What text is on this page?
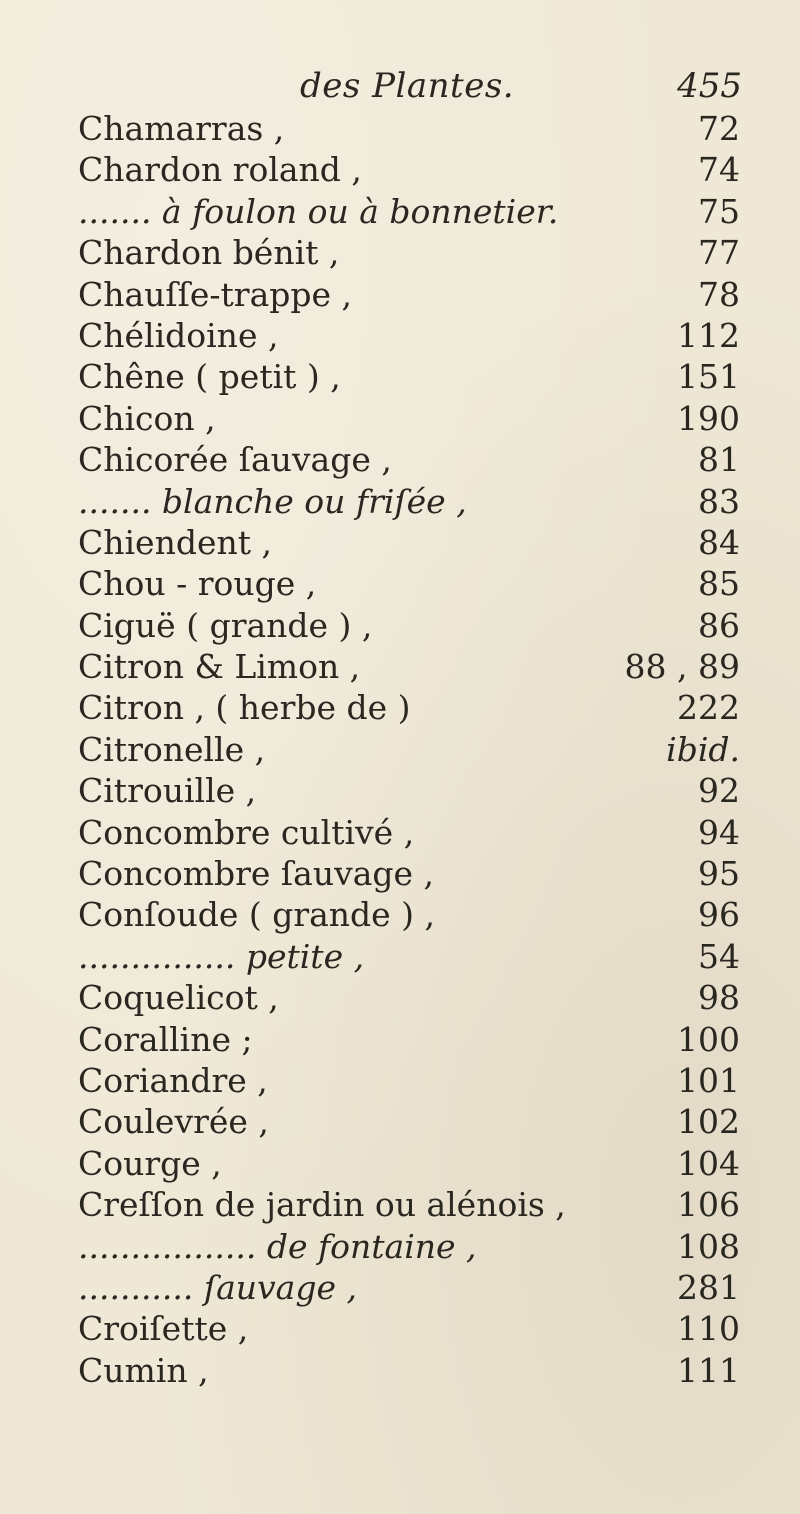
des Plantes.	455
Chamarras ,	72
Chardon roland ,	74
....... à foulon ou à bonnetier.	75
Chardon bénit ,	77
Chauſſe-trappe ,	78
Chélidoine ,	112
Chêne ( petit ) ,	151
Chicon ,	190
Chicorée ſauvage ,	81
....... blanche ou friſée ,	83
Chiendent ,	84
Chou - rouge ,	85
Ciguë ( grande ) ,	86
Citron & Limon ,	88 , 89
Citron , ( herbe de )	222
Citronelle ,	ibid.
Citrouille ,	92
Concombre cultivé ,	94
Concombre ſauvage ,	95
Conſoude ( grande ) ,	96
............... petite ,	54
Coquelicot ,	98
Coralline ;	100
Coriandre ,	101
Coulevrée ,	102
Courge ,	104
Creſſon de jardin ou alénois ,	106
................. de fontaine ,	108
........... ſauvage ,	281
Croiſette ,	110
Cumin ,	111
